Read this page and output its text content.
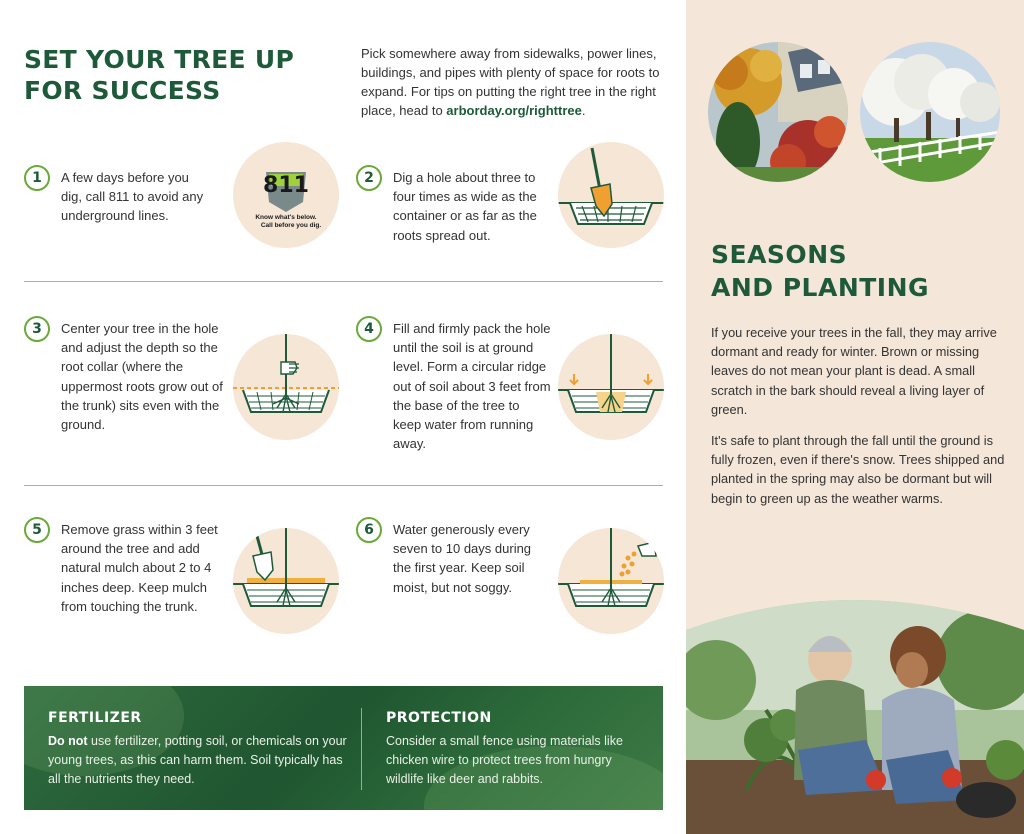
SET YOUR TREE UP FOR SUCCESS

Pick somewhere away from sidewalks, power lines, buildings, and pipes with plenty of space for roots to expand. For tips on putting the right tree in the right place, head to arborday.org/righttree.

1	A few days before you dig, call 811 to avoid any underground lines.

811
Know what's below.
Call before you dig.
2	Dig a hole about three to four times as wide as the container or as far as the roots spread out.

3	Center your tree in the hole and adjust the depth so the root collar (where the uppermost roots grow out of the trunk) sits even with the ground.

4	Fill and firmly pack the hole until the soil is at ground level. Form a circular ridge out of soil about 3 feet from the base of the tree to keep water from running away.

5	Remove grass within 3 feet around the tree and add natural mulch about 2 to 4 inches deep. Keep mulch from touching the trunk.

6	Water generously every seven to 10 days during the first year. Keep soil moist, but not soggy.

FERTILIZER

Do not use fertilizer, potting soil, or chemicals on your young trees, as this can harm them. Soil typically has all the nutrients they need.

PROTECTION

Consider a small fence using materials like chicken wire to protect trees from hungry wildlife like deer and rabbits.

SEASONS
AND PLANTING

If you receive your trees in the fall, they may arrive dormant and ready for winter. Brown or missing leaves do not mean your plant is dead. A small scratch in the bark should reveal a living layer of green.

It's safe to plant through the fall until the ground is fully frozen, even if there's snow. Trees shipped and planted in the spring may also be dormant but will begin to green up as the weather warms.
